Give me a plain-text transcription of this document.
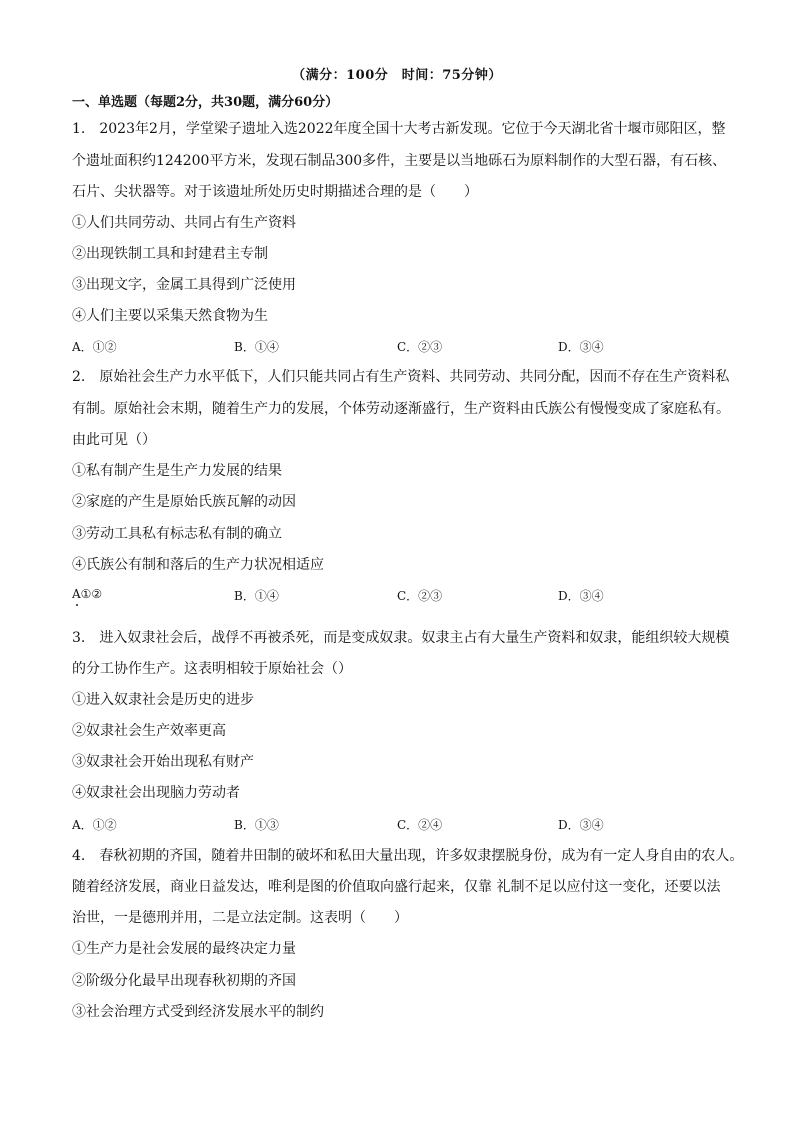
（满分：100分　时间：75分钟）
一、单选题（每题2分，共30题，满分60分）
1.　2023年2月，学堂梁子遗址入选2022年度全国十大考古新发现。它位于今天湖北省十堰市郧阳区，整
个遗址面积约124200平方米，发现石制品300多件，主要是以当地砾石为原料制作的大型石器，有石核、
石片、尖状器等。对于该遗址所处历史时期描述合理的是（　　）
①人们共同劳动、共同占有生产资料
②出现铁制工具和封建君主专制
③出现文字，金属工具得到广泛使用
④人们主要以采集天然食物为生
A．①②	B．①④	C．②③	D．③④
2.　原始社会生产力水平低下，人们只能共同占有生产资料、共同劳动、共同分配，因而不存在生产资料私
有制。原始社会末期，随着生产力的发展，个体劳动逐渐盛行，生产资料由氏族公有慢慢变成了家庭私有。
由此可见（）
①私有制产生是生产力发展的结果
②家庭的产生是原始氏族瓦解的动因
③劳动工具私有标志私有制的确立
④氏族公有制和落后的生产力状况相适应
A①②	B．①④	C．②③	D．③④
3.　进入奴隶社会后，战俘不再被杀死，而是变成奴隶。奴隶主占有大量生产资料和奴隶，能组织较大规模
的分工协作生产。这表明相较于原始社会（）
①进入奴隶社会是历史的进步
②奴隶社会生产效率更高
③奴隶社会开始出现私有财产
④奴隶社会出现脑力劳动者
A．①②	B．①③	C．②④	D．③④
4.　春秋初期的齐国，随着井田制的破坏和私田大量出现，许多奴隶摆脱身份，成为有一定人身自由的农人。
随着经济发展，商业日益发达，唯利是图的价值取向盛行起来，仅靠 礼制不足以应付这一变化，还要以法
治世，一是德刑并用，二是立法定制。这表明（　　）
①生产力是社会发展的最终决定力量
②阶级分化最早出现春秋初期的齐国
③社会治理方式受到经济发展水平的制约
